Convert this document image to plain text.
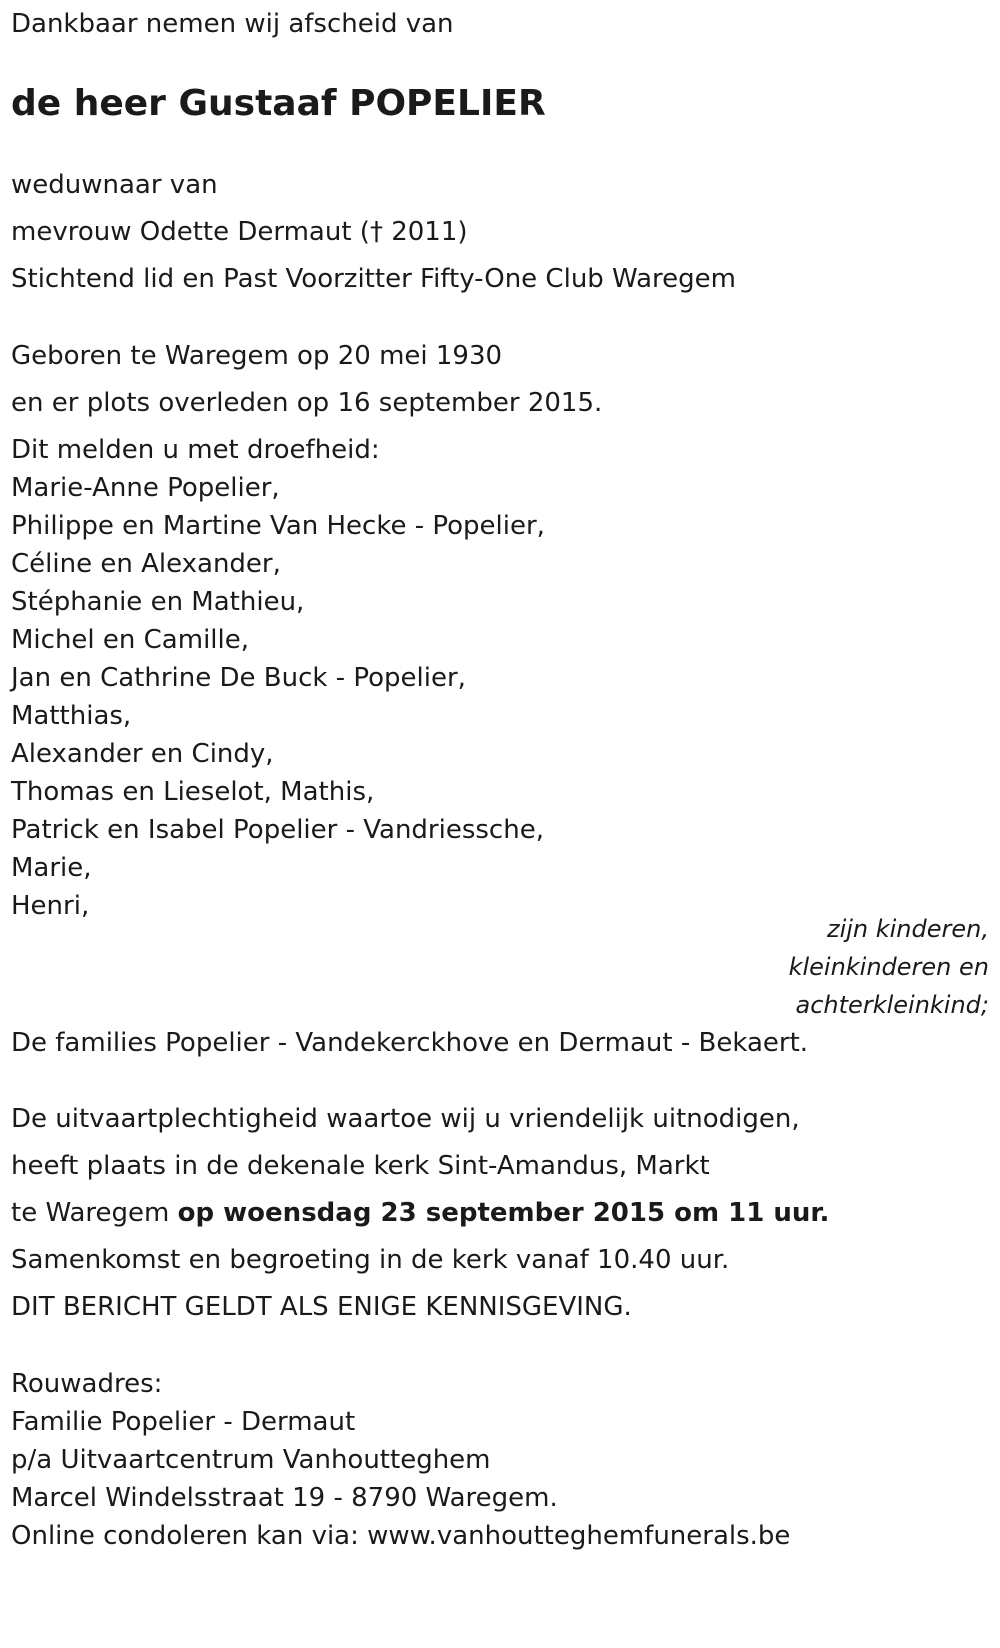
Dankbaar nemen wij afscheid van

de heer Gustaaf POPELIER

weduwnaar van

mevrouw Odette Dermaut († 2011)

Stichtend lid en Past Voorzitter Fifty-One Club Waregem

Geboren te Waregem op 20 mei 1930

en er plots overleden op 16 september 2015.

Dit melden u met droefheid:

Marie-Anne Popelier,

Philippe en Martine Van Hecke - Popelier,

Céline en Alexander,

Stéphanie en Mathieu,

Michel en Camille,

Jan en Cathrine De Buck - Popelier,

Matthias,

Alexander en Cindy,

Thomas en Lieselot, Mathis,

Patrick en Isabel Popelier - Vandriessche,

Marie,

Henri,

zijn kinderen,

kleinkinderen en

achterkleinkind;

De families Popelier - Vandekerckhove en Dermaut - Bekaert.

De uitvaartplechtigheid waartoe wij u vriendelijk uitnodigen,

heeft plaats in de dekenale kerk Sint-Amandus, Markt

te Waregem op woensdag 23 september 2015 om 11 uur.

Samenkomst en begroeting in de kerk vanaf 10.40 uur.

DIT BERICHT GELDT ALS ENIGE KENNISGEVING.

Rouwadres:

Familie Popelier - Dermaut

p/a Uitvaartcentrum Vanhoutteghem

Marcel Windelsstraat 19 - 8790 Waregem.

Online condoleren kan via: www.vanhoutteghemfunerals.be
